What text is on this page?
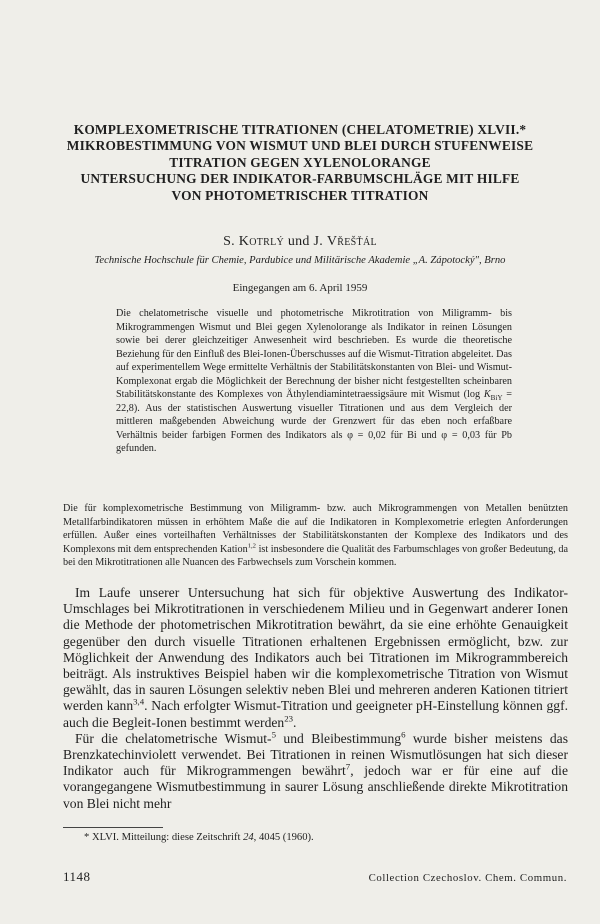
KOMPLEXOMETRISCHE TITRATIONEN (CHELATOMETRIE) XLVII.*
MIKROBESTIMMUNG VON WISMUT UND BLEI DURCH STUFENWEISE
TITRATION GEGEN XYLENOLORANGE
UNTERSUCHUNG DER INDIKATOR-FARBUMSCHLÄGE MIT HILFE
VON PHOTOMETRISCHER TITRATION
S. Kotrlý und J. Vřešťál
Technische Hochschule für Chemie, Pardubice und Militärische Akademie „A. Zápotocký", Brno
Eingegangen am 6. April 1959
Die chelatometrische visuelle und photometrische Mikrotitration von Miligramm- bis Mikrogrammengen Wismut und Blei gegen Xylenolorange als Indikator in reinen Lösungen sowie bei derer gleichzeitiger Anwesenheit wird beschrieben. Es wurde die theoretische Beziehung für den Einfluß des Blei-Ionen-Überschusses auf die Wismut-Titration abgeleitet. Das auf experimentellem Wege ermittelte Verhältnis der Stabilitätskonstanten von Blei- und Wismut-Komplexonat ergab die Möglichkeit der Berechnung der bisher nicht festgestellten scheinbaren Stabilitätskonstante des Komplexes von Äthylendiamintetraessigsäure mit Wismut (log $K_{BiY} = 22,8$). Aus der statistischen Auswertung visueller Titrationen und aus dem Vergleich der mittleren maßgebenden Abweichung wurde der Grenzwert für das eben noch erfaßbare Verhältnis beider farbigen Formen des Indikators als φ = 0,02 für Bi und φ = 0,03 für Pb gefunden.
Die für komplexometrische Bestimmung von Miligramm- bzw. auch Mikrogrammengen von Metallen benützten Metallfarbindikatoren müssen in erhöhtem Maße die auf die Indikatoren in Komplexometrie erlegten Anforderungen erfüllen. Außer eines vorteilhaften Verhältnisses der Stabilitätskonstanten der Komplexe des Indikators und des Komplexons mit dem entsprechenden Kation$^{1,2}$ ist insbesondere die Qualität des Farbumschlages von großer Bedeutung, da bei den Mikrotitrationen alle Nuancen des Farbwechsels zum Vorschein kommen.

Im Laufe unserer Untersuchung hat sich für objektive Auswertung des Indikator-Umschlages bei Mikrotitrationen in verschiedenem Milieu und in Gegenwart anderer Ionen die Methode der photometrischen Mikrotitration bewährt, da sie eine erhöhte Genauigkeit gegenüber den durch visuelle Titrationen erhaltenen Ergebnissen ermöglicht, bzw. zur Möglichkeit der Anwendung des Indikators auch bei Titrationen im Mikrogrammbereich beiträgt. Als instruktives Beispiel haben wir die komplexometrische Titration von Wismut gewählt, das in sauren Lösungen selektiv neben Blei und mehreren anderen Kationen titriert werden kann$^{3,4}$. Nach erfolgter Wismut-Titration und geeigneter pH-Einstellung können ggf. auch die Begleit-Ionen bestimmt werden$^{23}$.

Für die chelatometrische Wismut-$^5$ und Bleibestimmung$^6$ wurde bisher meistens das Brenzkatechinviolett verwendet. Bei Titrationen in reinen Wismutlösungen hat sich dieser Indikator auch für Mikrogrammengen bewährt$^7$, jedoch war er für eine auf die vorangegangene Wismutbestimmung in saurer Lösung anschließende direkte Mikrotitration von Blei nicht mehr

* XLVI. Mitteilung: diese Zeitschrift 24, 4045 (1960).
1148	Collection Czechoslov. Chem. Commun.
